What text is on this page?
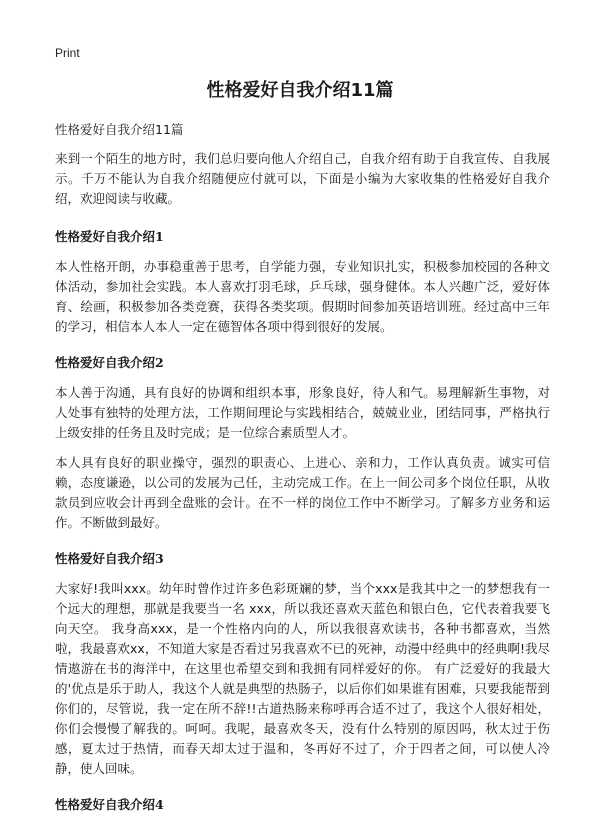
Print
性格爱好自我介绍11篇
性格爱好自我介绍11篇

来到一个陌生的地方时，我们总归要向他人介绍自己，自我介绍有助于自我宣传、自我展示。千万不能认为自我介绍随便应付就可以，下面是小编为大家收集的性格爱好自我介绍，欢迎阅读与收藏。

性格爱好自我介绍1

本人性格开朗，办事稳重善于思考，自学能力强，专业知识扎实，积极参加校园的各种文体活动，参加社会实践。本人喜欢打羽毛球，乒乓球，强身健体。本人兴趣广泛，爱好体育、绘画，积极参加各类竞赛，获得各类奖项。假期时间参加英语培训班。经过高中三年的学习，相信本人本人一定在德智体各项中得到很好的发展。

性格爱好自我介绍2

本人善于沟通，具有良好的协调和组织本事，形象良好，待人和气。易理解新生事物，对人处事有独特的处理方法，工作期间理论与实践相结合，兢兢业业，团结同事，严格执行上级安排的任务且及时完成；是一位综合素质型人才。

本人具有良好的职业操守，强烈的职责心、上进心、亲和力，工作认真负责。诚实可信赖，态度谦逊，以公司的发展为己任，主动完成工作。在上一间公司多个岗位任职，从收款员到应收会计再到全盘账的会计。在不一样的岗位工作中不断学习。了解多方业务和运作。不断做到最好。

性格爱好自我介绍3

大家好!我叫xxx。幼年时曾作过许多色彩斑斓的梦，当个xxx是我其中之一的梦想我有一个远大的理想，那就是我要当一名 xxx，所以我还喜欢天蓝色和银白色，它代表着我要飞向天空。 我身高xxx，是一个性格内向的人，所以我很喜欢读书，各种书都喜欢，当然啦，我最喜欢xx，不知道大家是否看过另我喜欢不已的死神，动漫中经典中的经典啊!我尽情遨游在书的海洋中，在这里也希望交到和我拥有同样爱好的你。 有广泛爱好的我最大的'优点是乐于助人，我这个人就是典型的热肠子，以后你们如果谁有困难，只要我能帮到你们的，尽管说，我一定在所不辞!!古道热肠来称呼再合适不过了，我这个人很好相处，你们会慢慢了解我的。呵呵。我呢，最喜欢冬天，没有什么特别的原因吗，秋太过于伤感，夏太过于热情，而春天却太过于温和，冬再好不过了，介于四者之间，可以使人冷静，使人回味。

性格爱好自我介绍4
